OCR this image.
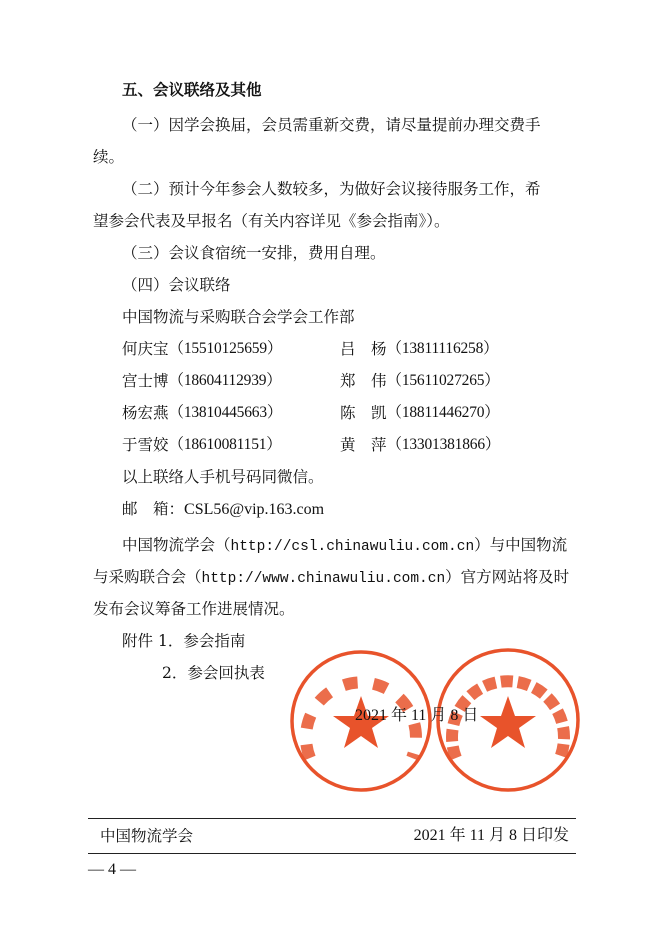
五、会议联络及其他
（一）因学会换届，会员需重新交费，请尽量提前办理交费手
续。
（二）预计今年参会人数较多，为做好会议接待服务工作，希
望参会代表及早报名（有关内容详见《参会指南》）。
（三）会议食宿统一安排，费用自理。
（四）会议联络
中国物流与采购联合会学会工作部
何庆宝 （15510125659）	吕　杨 （13811116258）
宫士博 （18604112939）	郑　伟 （15611027265）
杨宏燕 （13810445663）	陈　凯 （18811446270）
于雪姣 （18610081151）	黄　萍 （13301381866）
以上联络人手机号码同微信。
邮　箱：CSL56@vip.163.com
中国物流学会（http://csl.chinawuliu.com.cn）与中国物流
与采购联合会（http://www.chinawuliu.com.cn）官方网站将及时
发布会议筹备工作进展情况。
附件 1．参会指南
2．参会回执表
2021 年 11 月 8 日
中国物流学会	2021 年 11 月 8 日印发
— 4 —
